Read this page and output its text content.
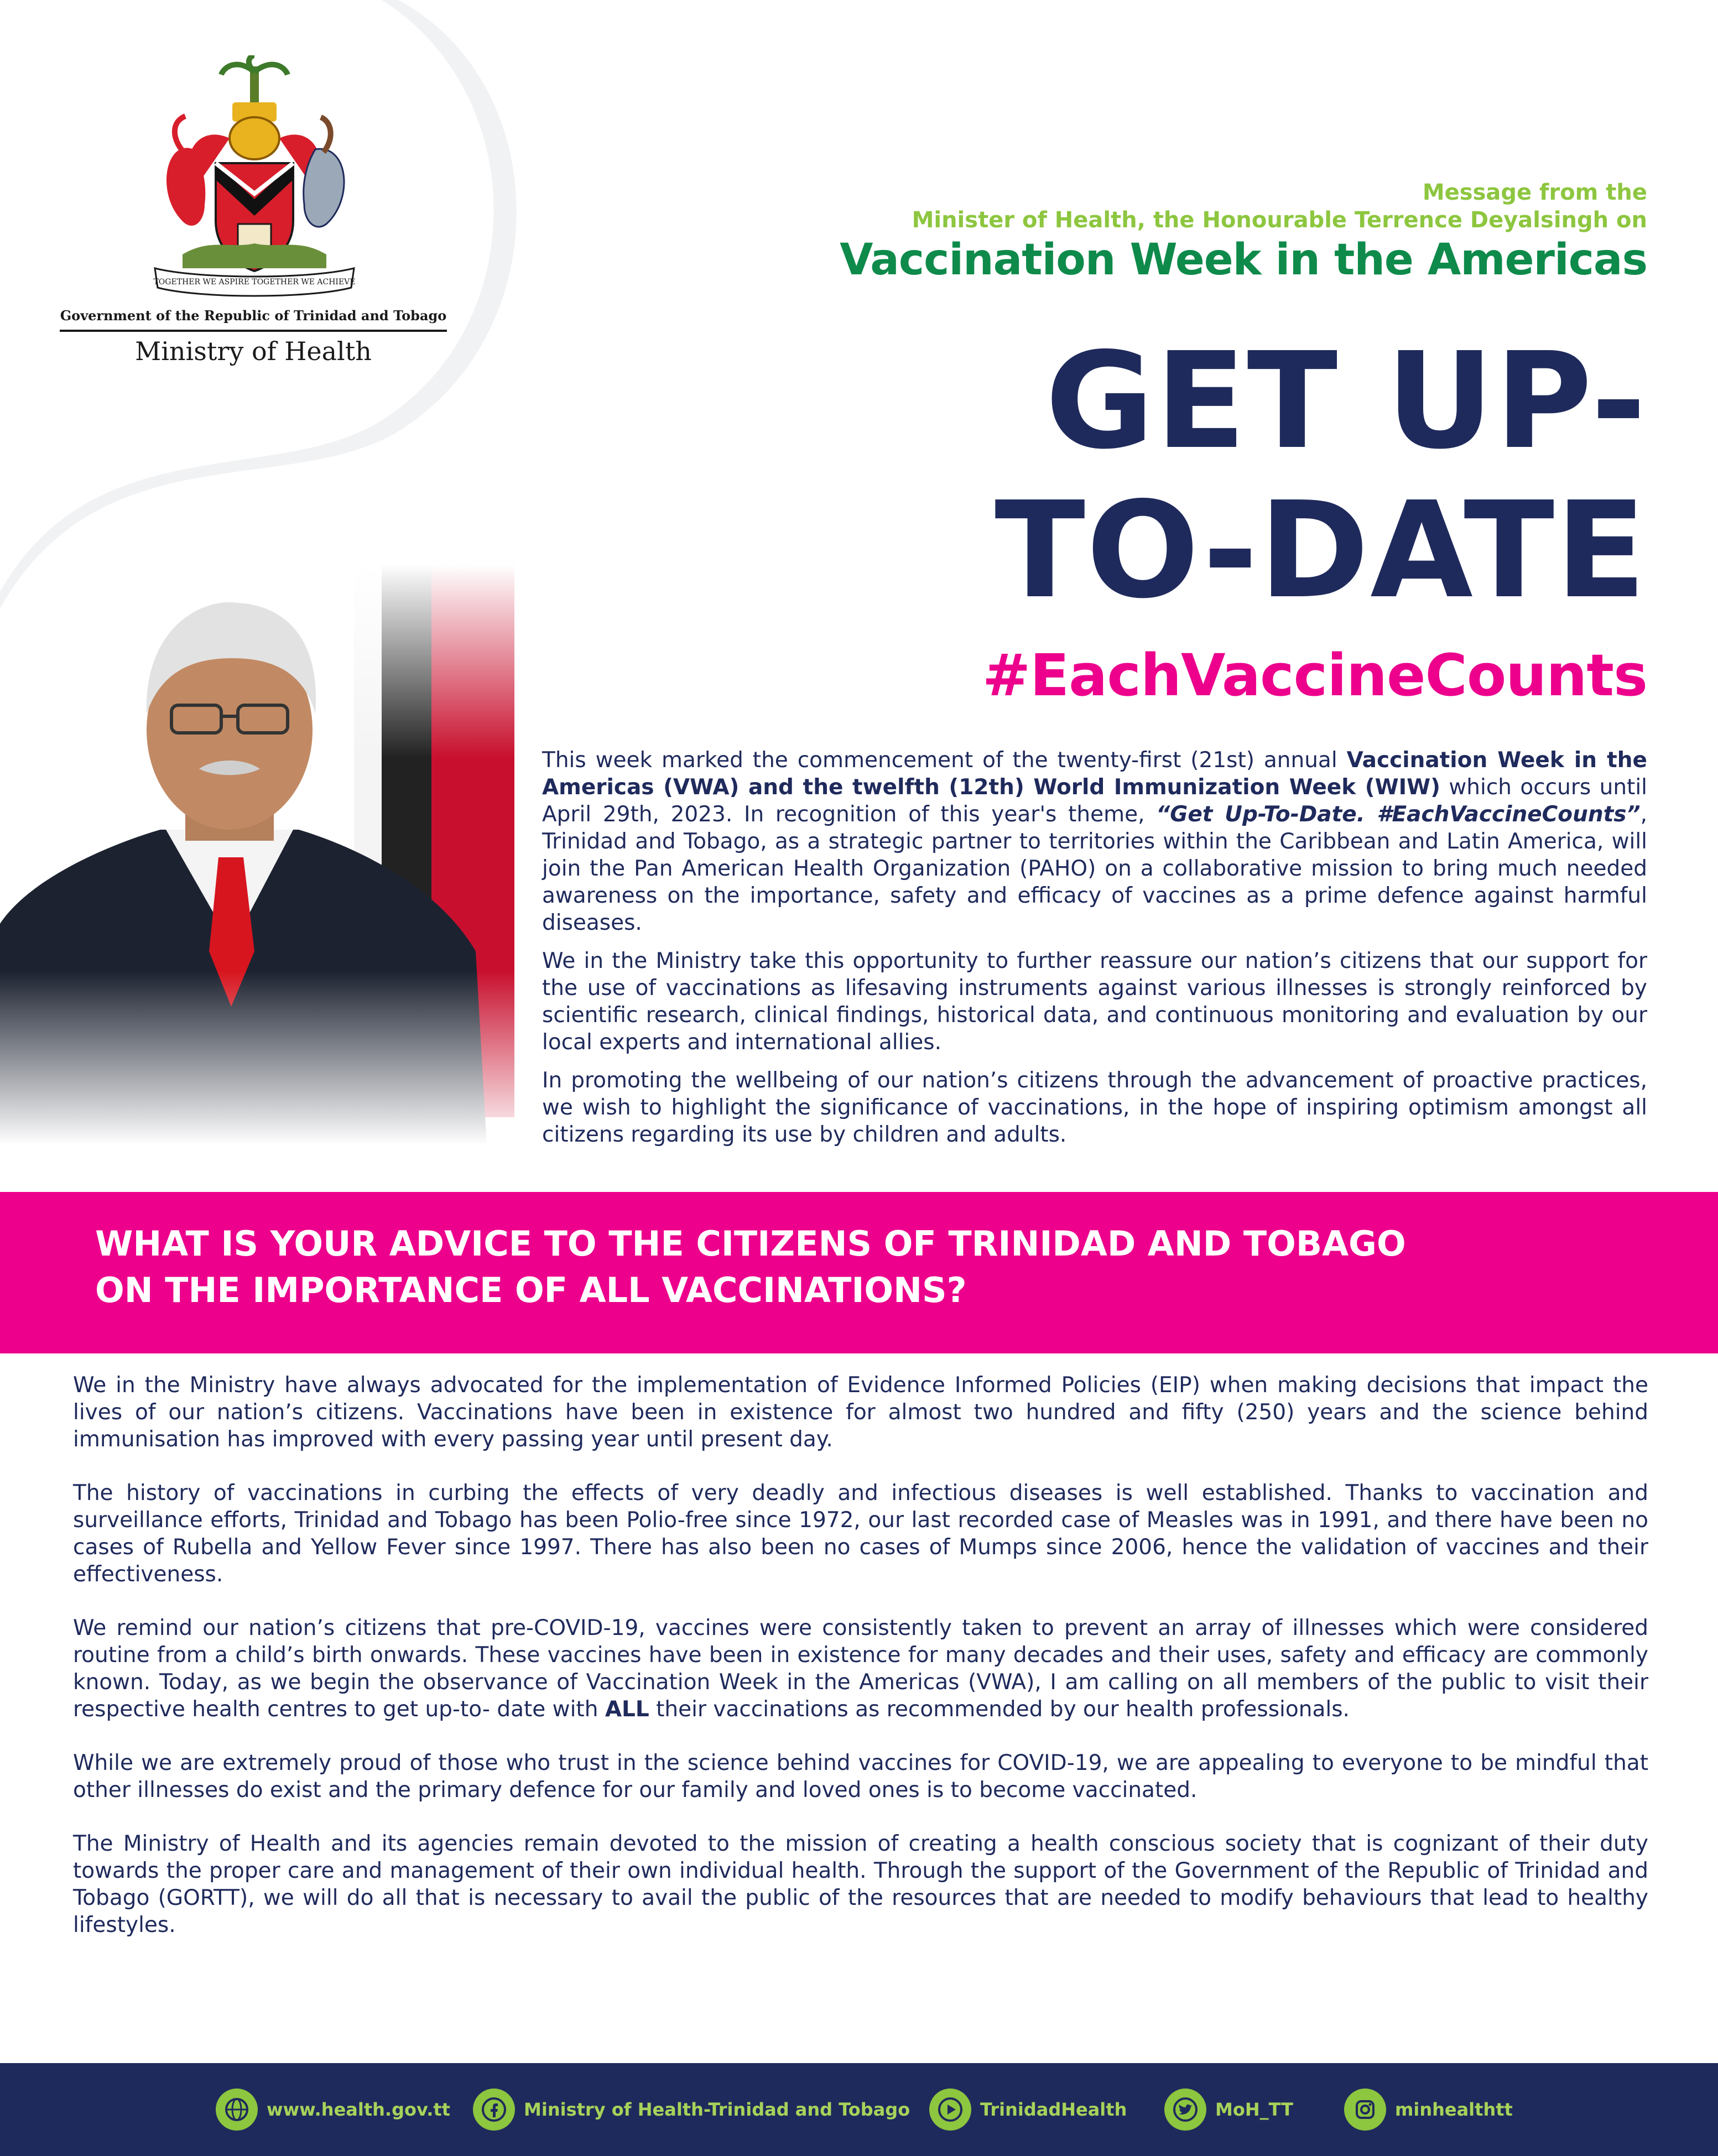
TOGETHER WE ASPIRE TOGETHER WE ACHIEVE
Government of the Republic of Trinidad and Tobago
Ministry of Health
Message from the
Minister of Health, the Honourable Terrence Deyalsingh on
Vaccination Week in the Americas
GET UP-
TO-DATE
#EachVaccineCounts

This week marked the commencement of the twenty-first (21st) annual Vaccination Week in the Americas (VWA) and the twelfth (12th) World Immunization Week (WIW) which occurs until April 29th, 2023. In recognition of this year's theme, “Get Up-To-Date. #EachVaccineCounts”, Trinidad and Tobago, as a strategic partner to territories within the Caribbean and Latin America, will join the Pan American Health Organization (PAHO) on a collaborative mission to bring much needed awareness on the importance, safety and efficacy of vaccines as a prime defence against harmful diseases.

We in the Ministry take this opportunity to further reassure our nation’s citizens that our support for the use of vaccinations as lifesaving instruments against various illnesses is strongly reinforced by scientific research, clinical findings, historical data, and continuous monitoring and evaluation by our local experts and international allies.

In promoting the wellbeing of our nation’s citizens through the advancement of proactive practices, we wish to highlight the significance of vaccinations, in the hope of inspiring optimism amongst all citizens regarding its use by children and adults.

WHAT IS YOUR ADVICE TO THE CITIZENS OF TRINIDAD AND TOBAGO
ON THE IMPORTANCE OF ALL VACCINATIONS?

We in the Ministry have always advocated for the implementation of Evidence Informed Policies (EIP) when making decisions that impact the lives of our nation’s citizens. Vaccinations have been in existence for almost two hundred and fifty (250) years and the science behind immunisation has improved with every passing year until present day.

The history of vaccinations in curbing the effects of very deadly and infectious diseases is well established. Thanks to vaccination and surveillance efforts, Trinidad and Tobago has been Polio-free since 1972, our last recorded case of Measles was in 1991, and there have been no cases of Rubella and Yellow Fever since 1997. There has also been no cases of Mumps since 2006, hence the validation of vaccines and their effectiveness.

We remind our nation’s citizens that pre-COVID-19, vaccines were consistently taken to prevent an array of illnesses which were considered routine from a child’s birth onwards. These vaccines have been in existence for many decades and their uses, safety and efficacy are commonly known. Today, as we begin the observance of Vaccination Week in the Americas (VWA), I am calling on all members of the public to visit their respective health centres to get up-to- date with ALL their vaccinations as recommended by our health professionals.

While we are extremely proud of those who trust in the science behind vaccines for COVID-19, we are appealing to everyone to be mindful that other illnesses do exist and the primary defence for our family and loved ones is to become vaccinated.

The Ministry of Health and its agencies remain devoted to the mission of creating a health conscious society that is cognizant of their duty towards the proper care and management of their own individual health. Through the support of the Government of the Republic of Trinidad and Tobago (GORTT), we will do all that is necessary to avail the public of the resources that are needed to modify behaviours that lead to healthy lifestyles.

www.health.gov.tt	Ministry of Health-Trinidad and Tobago	TrinidadHealth	MoH_TT	minhealthtt
